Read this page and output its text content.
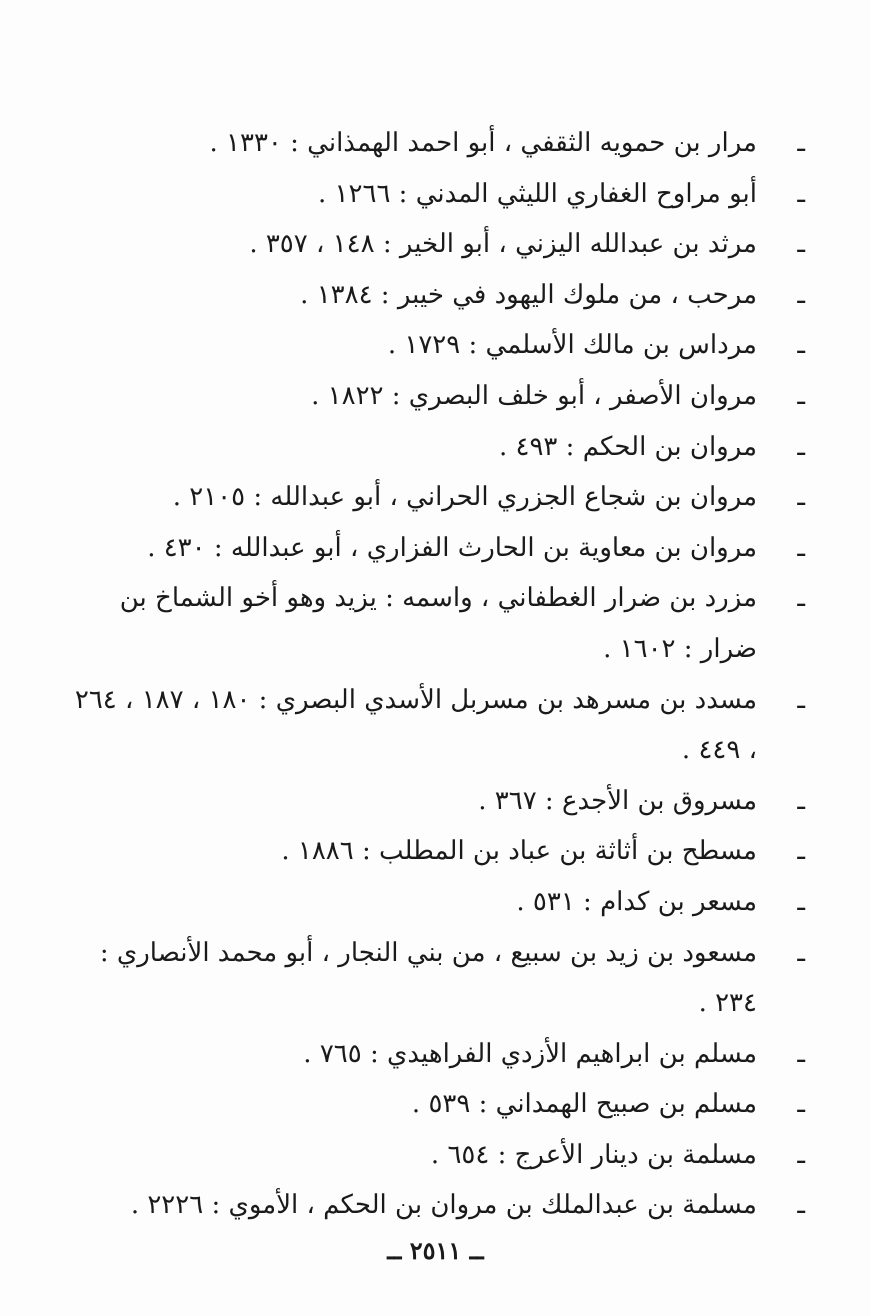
ـ
مرار بن حمويه الثقفي ، أبو احمد الهمذاني : ١٣٣٠ .
ـ
أبو مراوح الغفاري الليثي المدني : ١٢٦٦ .
ـ
مرثد بن عبدالله اليزني ، أبو الخير : ١٤٨ ، ٣٥٧ .
ـ
مرحب ، من ملوك اليهود في خيبر : ١٣٨٤ .
ـ
مرداس بن مالك الأسلمي : ١٧٢٩ .
ـ
مروان الأصفر ، أبو خلف البصري : ١٨٢٢ .
ـ
مروان بن الحكم : ٤٩٣ .
ـ
مروان بن شجاع الجزري الحراني ، أبو عبدالله : ٢١٠٥ .
ـ
مروان بن معاوية بن الحارث الفزاري ، أبو عبدالله : ٤٣٠ .
ـ
مزرد بن ضرار الغطفاني ، واسمه : يزيد وهو أخو الشماخ بن ضرار : ١٦٠٢ .
ـ
مسدد بن مسرهد بن مسربل الأسدي البصري : ١٨٠ ، ١٨٧ ، ٢٦٤ ، ٤٤٩ .
ـ
مسروق بن الأجدع : ٣٦٧ .
ـ
مسطح بن أثاثة بن عباد بن المطلب : ١٨٨٦ .
ـ
مسعر بن كدام : ٥٣١ .
ـ
مسعود بن زيد بن سبيع ، من بني النجار ، أبو محمد الأنصاري : ٢٣٤ .
ـ
مسلم بن ابراهيم الأزدي الفراهيدي : ٧٦٥ .
ـ
مسلم بن صبيح الهمداني : ٥٣٩ .
ـ
مسلمة بن دينار الأعرج : ٦٥٤ .
ـ
مسلمة بن عبدالملك بن مروان بن الحكم ، الأموي : ٢٢٢٦ .
ــ ٢٥١١ ــ
